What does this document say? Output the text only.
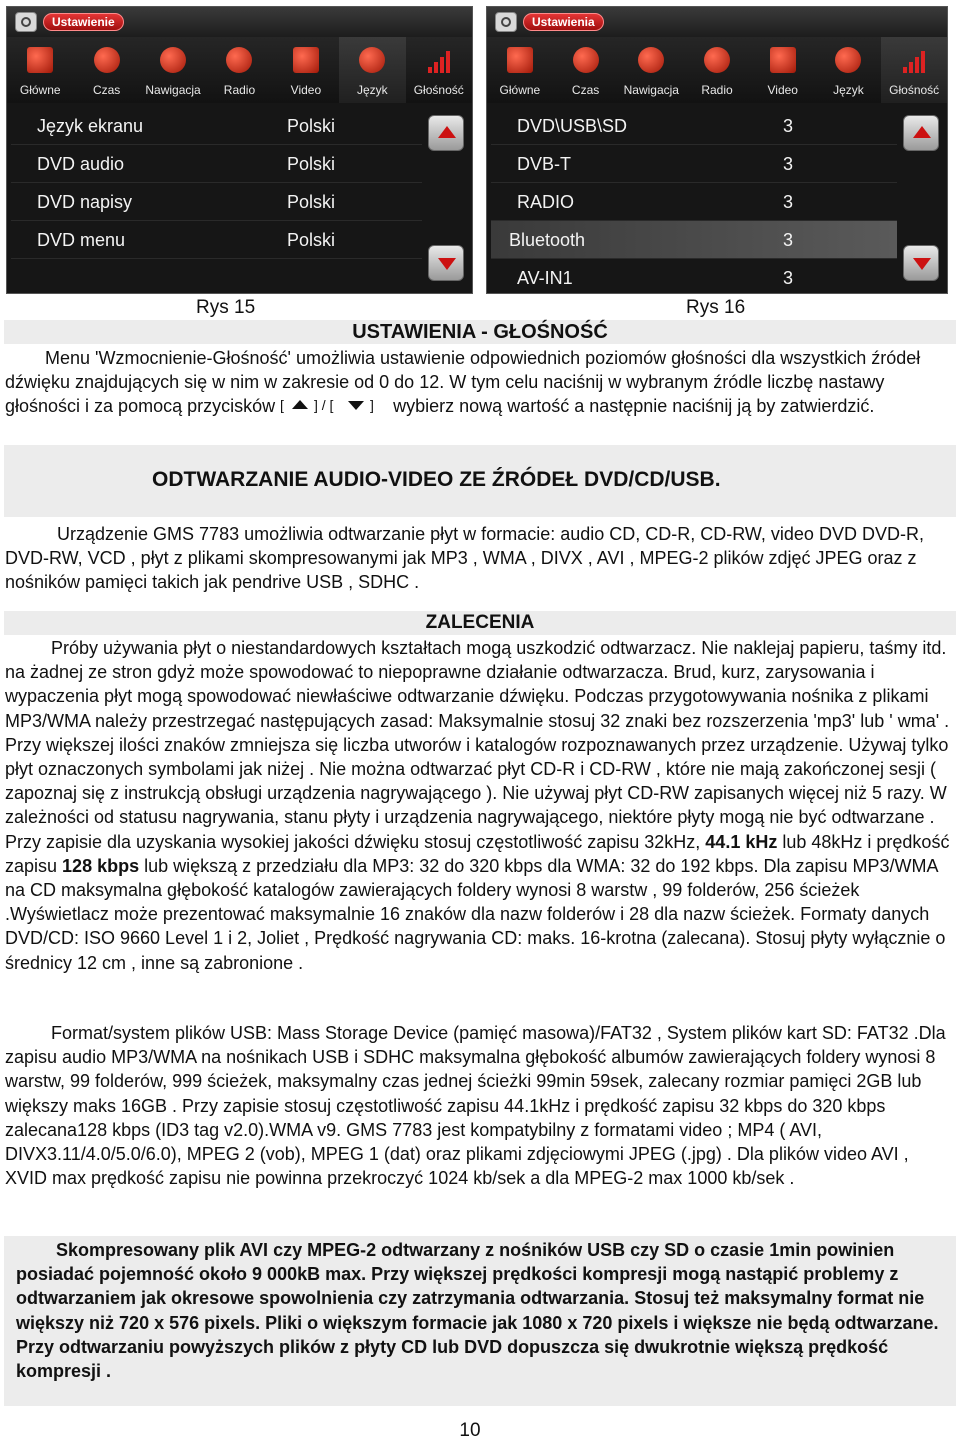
Ustawienie
Główne	Czas	Nawigacja	Radio	Video	Język	Głośność
Język ekranu	Polski
DVD audio	Polski
DVD napisy	Polski
DVD menu	Polski
Ustawienia
Główne	Czas	Nawigacja	Radio	Video	Język	Głośność
DVD\USB\SD	3
DVB-T	3
RADIO	3
Bluetooth	3
AV-IN1	3
Rys 15	Rys 16
USTAWIENIA - GŁOŚNOŚĆ
Menu 'Wzmocnienie-Głośność' umożliwia ustawienie odpowiednich poziomów głośności dla wszystkich źródeł dźwięku znajdujących się w nim w zakresie od 0 do 12. W tym celu naciśnij w wybranym źródle liczbę nastawy głośności i za pomocą przycisków [ ] / [	] wybierz nową wartość a następnie naciśnij ją by zatwierdzić.
ODTWARZANIE AUDIO-VIDEO ZE ŹRÓDEŁ DVD/CD/USB.
Urządzenie GMS 7783 umożliwia odtwarzanie płyt w formacie: audio CD, CD-R, CD-RW, video DVD DVD-R, DVD-RW, VCD , płyt z plikami skompresowanymi jak MP3 , WMA , DIVX , AVI , MPEG-2 plików zdjęć JPEG oraz z nośników pamięci takich jak pendrive USB , SDHC .
ZALECENIA
Próby używania płyt o niestandardowych kształtach mogą uszkodzić odtwarzacz. Nie naklejaj papieru, taśmy itd. na żadnej ze stron gdyż może spowodować to niepoprawne działanie odtwarzacza. Brud, kurz, zarysowania i wypaczenia płyt mogą spowodować niewłaściwe odtwarzanie dźwięku. Podczas przygotowywania nośnika z plikami MP3/WMA należy przestrzegać następujących zasad: Maksymalnie stosuj 32 znaki bez rozszerzenia 'mp3' lub ' wma' . Przy większej ilości znaków zmniejsza się liczba utworów i katalogów rozpoznawanych przez urządzenie. Używaj tylko płyt oznaczonych symbolami jak niżej . Nie można odtwarzać płyt CD-R i CD-RW , które nie mają zakończonej sesji ( zapoznaj się z instrukcją obsługi urządzenia nagrywającego ). Nie używaj płyt CD-RW zapisanych więcej niż 5 razy. W zależności od statusu nagrywania, stanu płyty i urządzenia nagrywającego, niektóre płyty mogą nie być odtwarzane . Przy zapisie dla uzyskania wysokiej jakości dźwięku stosuj częstotliwość zapisu 32kHz, 44.1 kHz lub 48kHz i prędkość zapisu 128 kbps lub większą z przedziału dla MP3: 32 do 320 kbps dla WMA: 32 do 192 kbps. Dla zapisu MP3/WMA na CD maksymalna głębokość katalogów zawierających foldery wynosi 8 warstw , 99 folderów, 256 ścieżek .Wyświetlacz może prezentować maksymalnie 16 znaków dla nazw folderów i 28 dla nazw ścieżek. Formaty danych DVD/CD: ISO 9660 Level 1 i 2, Joliet , Prędkość nagrywania CD: maks. 16-krotna (zalecana). Stosuj płyty wyłącznie o średnicy 12 cm , inne są zabronione .
Format/system plików USB: Mass Storage Device (pamięć masowa)/FAT32 , System plików kart SD: FAT32 .Dla zapisu audio MP3/WMA na nośnikach USB i SDHC maksymalna głębokość albumów zawierających foldery wynosi 8 warstw, 99 folderów, 999 ścieżek, maksymalny czas jednej ścieżki 99min 59sek, zalecany rozmiar pamięci 2GB lub większy maks 16GB . Przy zapisie stosuj częstotliwość zapisu 44.1kHz i prędkość zapisu 32 kbps do 320 kbps zalecana128 kbps (ID3 tag v2.0).WMA v9. GMS 7783 jest kompatybilny z formatami video ; MP4 ( AVI, DIVX3.11/4.0/5.0/6.0), MPEG 2 (vob), MPEG 1 (dat) oraz plikami zdjęciowymi JPEG (.jpg) . Dla plików video AVI , XVID max prędkość zapisu nie powinna przekroczyć 1024 kb/sek a dla MPEG-2 max 1000 kb/sek .
Skompresowany plik AVI czy MPEG-2 odtwarzany z nośników USB czy SD o czasie 1min powinien posiadać pojemność około 9 000kB max. Przy większej prędkości kompresji mogą nastąpić problemy z odtwarzaniem jak okresowe spowolnienia czy zatrzymania odtwarzania. Stosuj też maksymalny format nie większy niż 720 x 576 pixels. Pliki o większym formacie jak 1080 x 720 pixels i większe nie będą odtwarzane. Przy odtwarzaniu powyższych plików z płyty CD lub DVD dopuszcza się dwukrotnie większą prędkość kompresji .
10
